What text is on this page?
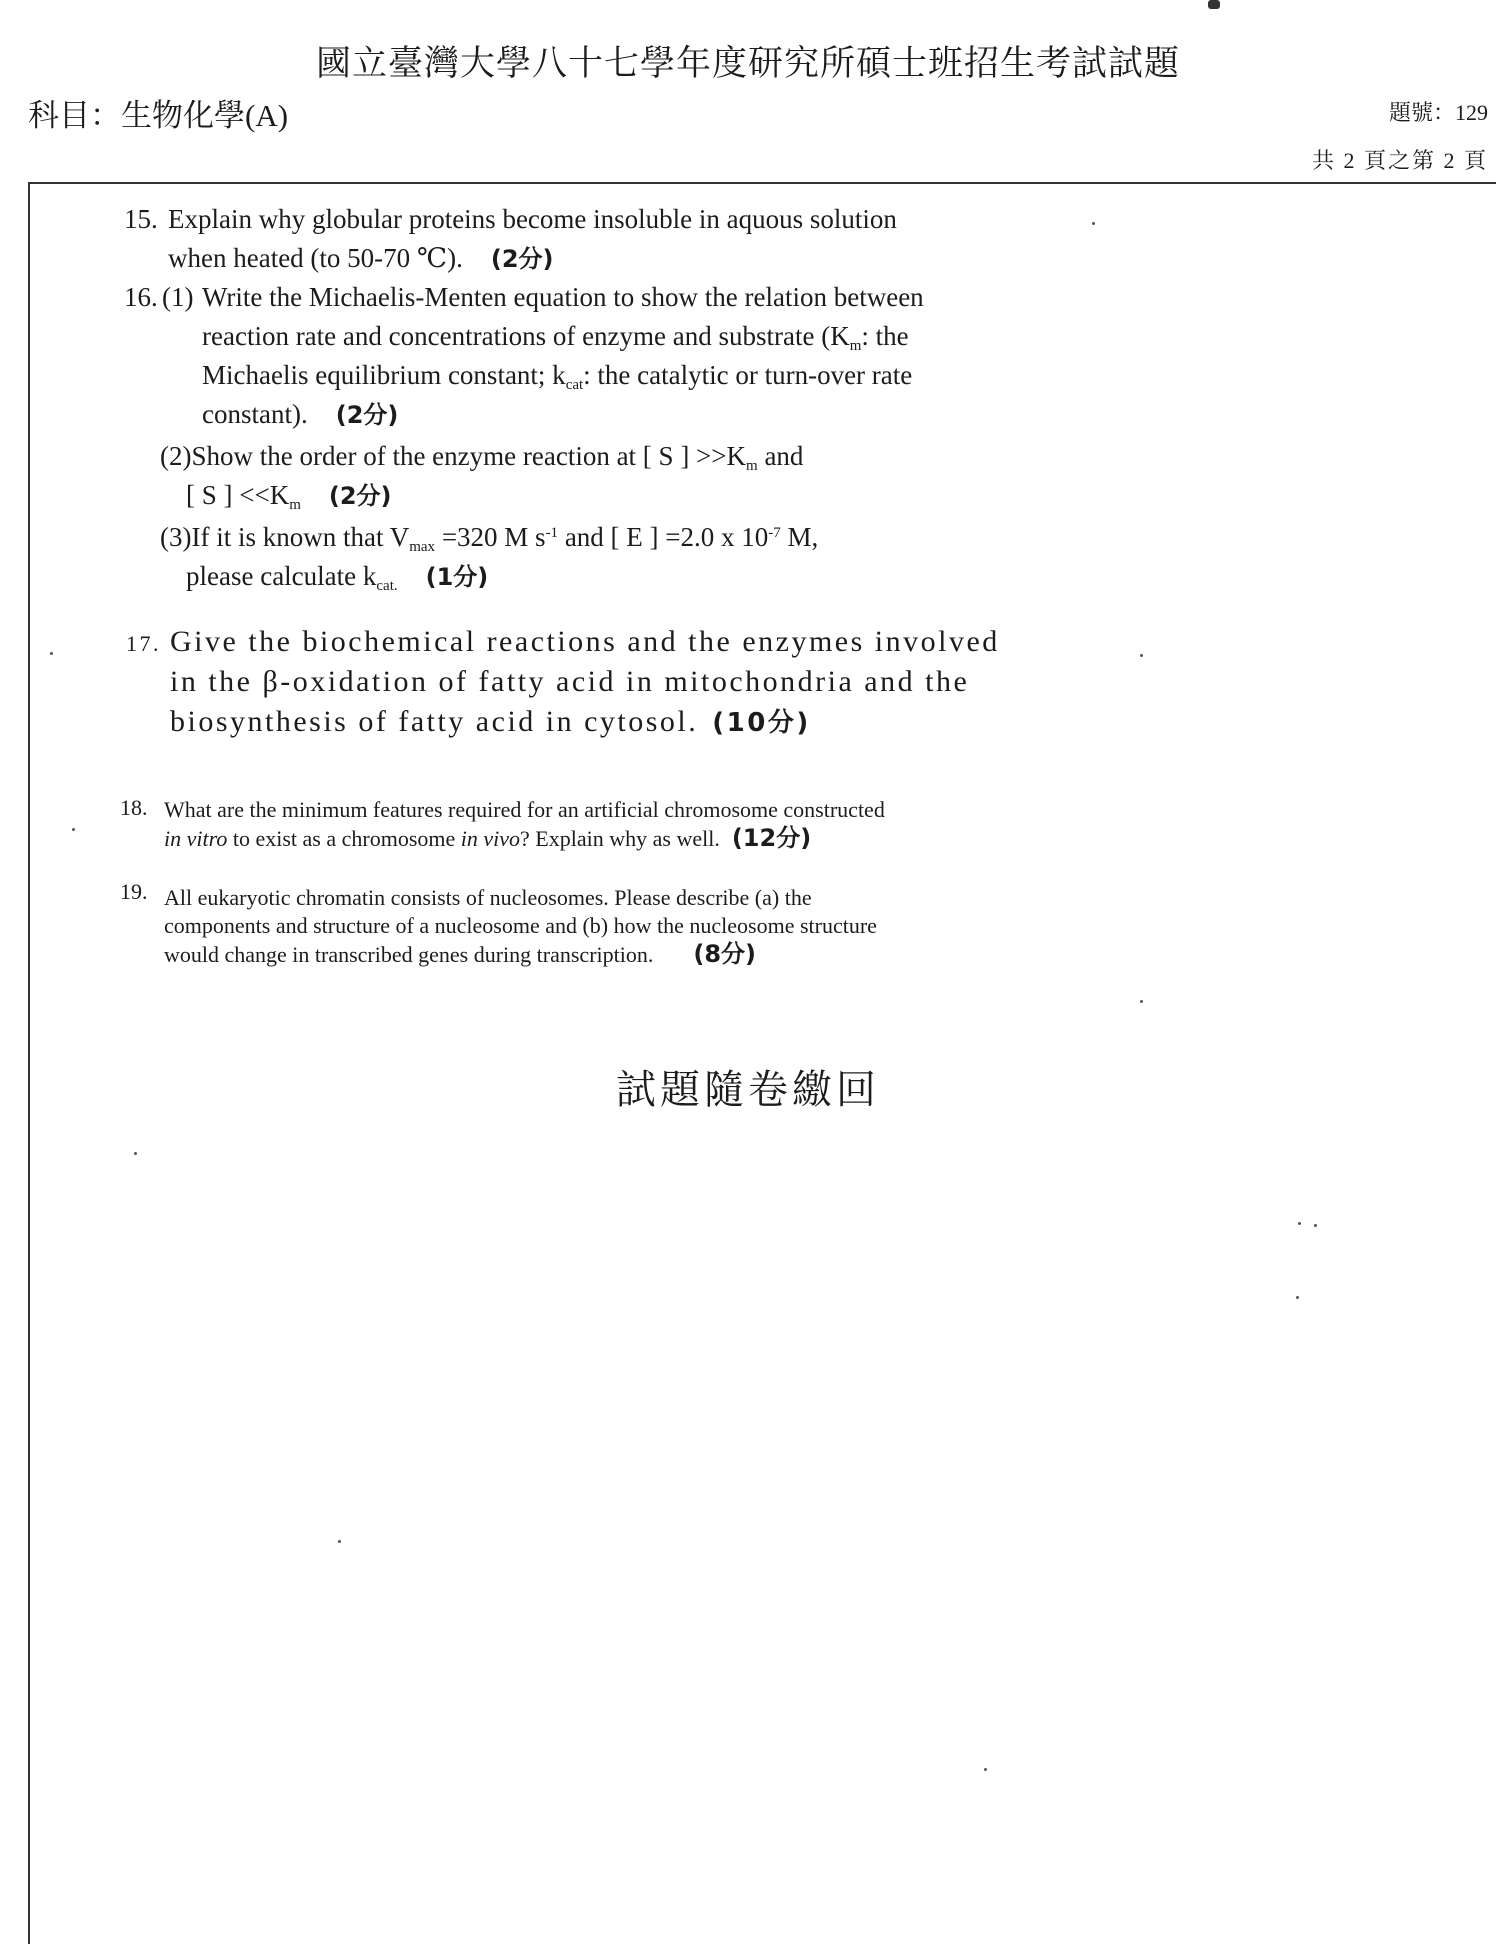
國立臺灣大學八十七學年度研究所碩士班招生考試試題
科目：生物化學(A)	題號：129
共 2 頁之第 2 頁
15. Explain why globular proteins become insoluble in aquous solution

when heated (to 50-70 ℃). (2分)

16. (1) Write the Michaelis-Menten equation to show the relation between

reaction rate and concentrations of enzyme and substrate ($K_m$: the

Michaelis equilibrium constant; $k_{cat}$: the catalytic or turn-over rate

constant). (2分)

(2)Show the order of the enzyme reaction at [ S ] $>>K_m$ and

[ S ] $<<K_m$ (2分)

(3)If it is known that $V_{max} =320$ M $s^{-1}$ and [ E ] =2.0 x $10^{-7}$ M,

please calculate $k_{cat.}$ (1分)

17. Give the biochemical reactions and the enzymes involved

in the β-oxidation of fatty acid in mitochondria and the

biosynthesis of fatty acid in cytosol. (10分)

18. What are the minimum features required for an artificial chromosome constructed

in vitro to exist as a chromosome in vivo? Explain why as well. (12分)

19. All eukaryotic chromatin consists of nucleosomes. Please describe (a) the

components and structure of a nucleosome and (b) how the nucleosome structure

would change in transcribed genes during transcription. (8分)

試題隨卷繳回
